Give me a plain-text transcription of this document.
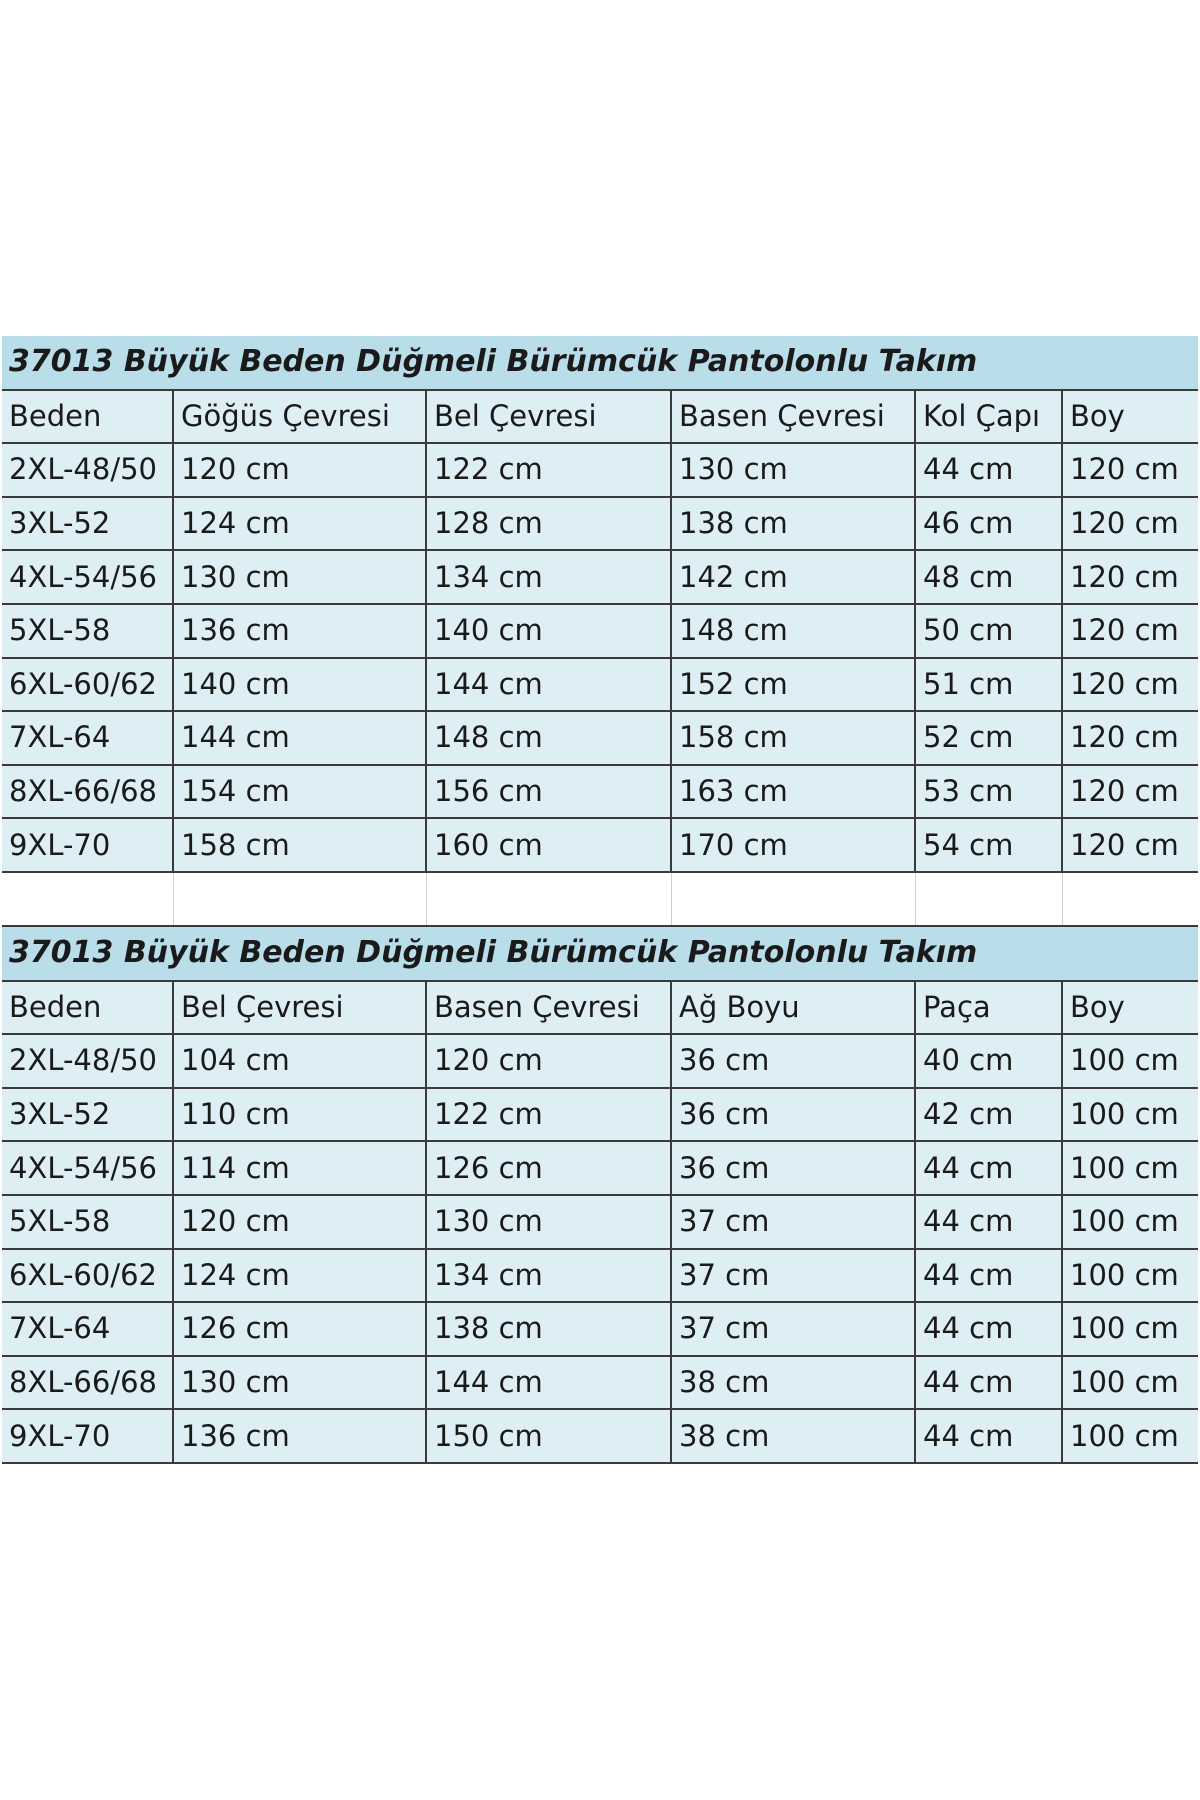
37013 Büyük Beden Düğmeli Bürümcük Pantolonlu Takım					
Beden	Göğüs Çevresi	Bel Çevresi	Basen Çevresi	Kol Çapı	Boy
2XL-48/50	120 cm	122 cm	130 cm	44 cm	120 cm
3XL-52	124 cm	128 cm	138 cm	46 cm	120 cm
4XL-54/56	130 cm	134 cm	142 cm	48 cm	120 cm
5XL-58	136 cm	140 cm	148 cm	50 cm	120 cm
6XL-60/62	140 cm	144 cm	152 cm	51 cm	120 cm
7XL-64	144 cm	148 cm	158 cm	52 cm	120 cm
8XL-66/68	154 cm	156 cm	163 cm	53 cm	120 cm
9XL-70	158 cm	160 cm	170 cm	54 cm	120 cm

37013 Büyük Beden Düğmeli Bürümcük Pantolonlu Takım					
Beden	Bel Çevresi	Basen Çevresi	Ağ Boyu	Paça	Boy
2XL-48/50	104 cm	120 cm	36 cm	40 cm	100 cm
3XL-52	110 cm	122 cm	36 cm	42 cm	100 cm
4XL-54/56	114 cm	126 cm	36 cm	44 cm	100 cm
5XL-58	120 cm	130 cm	37 cm	44 cm	100 cm
6XL-60/62	124 cm	134 cm	37 cm	44 cm	100 cm
7XL-64	126 cm	138 cm	37 cm	44 cm	100 cm
8XL-66/68	130 cm	144 cm	38 cm	44 cm	100 cm
9XL-70	136 cm	150 cm	38 cm	44 cm	100 cm
